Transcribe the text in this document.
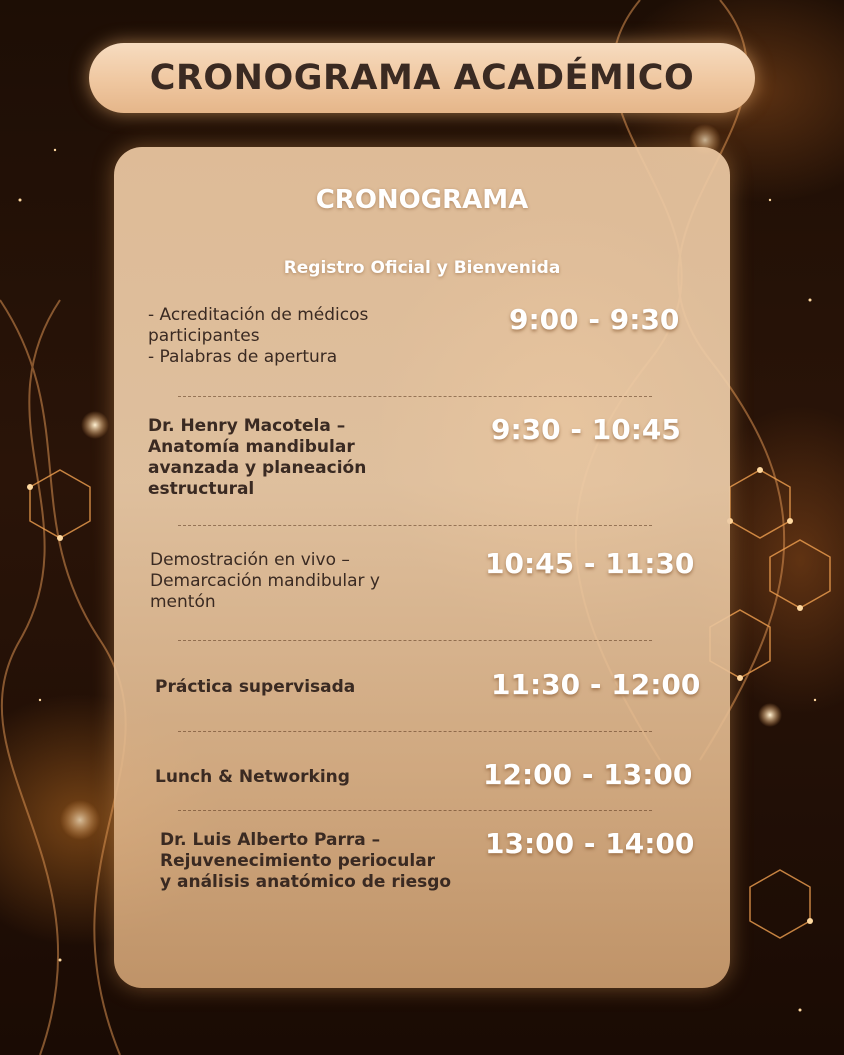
CRONOGRAMA ACADÉMICO
CRONOGRAMA
Registro Oficial y Bienvenida
- Acreditación de médicos
participantes
- Palabras de apertura
9:00 - 9:30
Dr. Henry Macotela –
Anatomía mandibular
avanzada y planeación
estructural
9:30 - 10:45
Demostración en vivo –
Demarcación mandibular y
mentón
10:45 - 11:30
Práctica supervisada	11:30 - 12:00
Lunch & Networking	12:00 - 13:00
Dr. Luis Alberto Parra –
Rejuvenecimiento periocular
y análisis anatómico de riesgo
13:00 - 14:00
